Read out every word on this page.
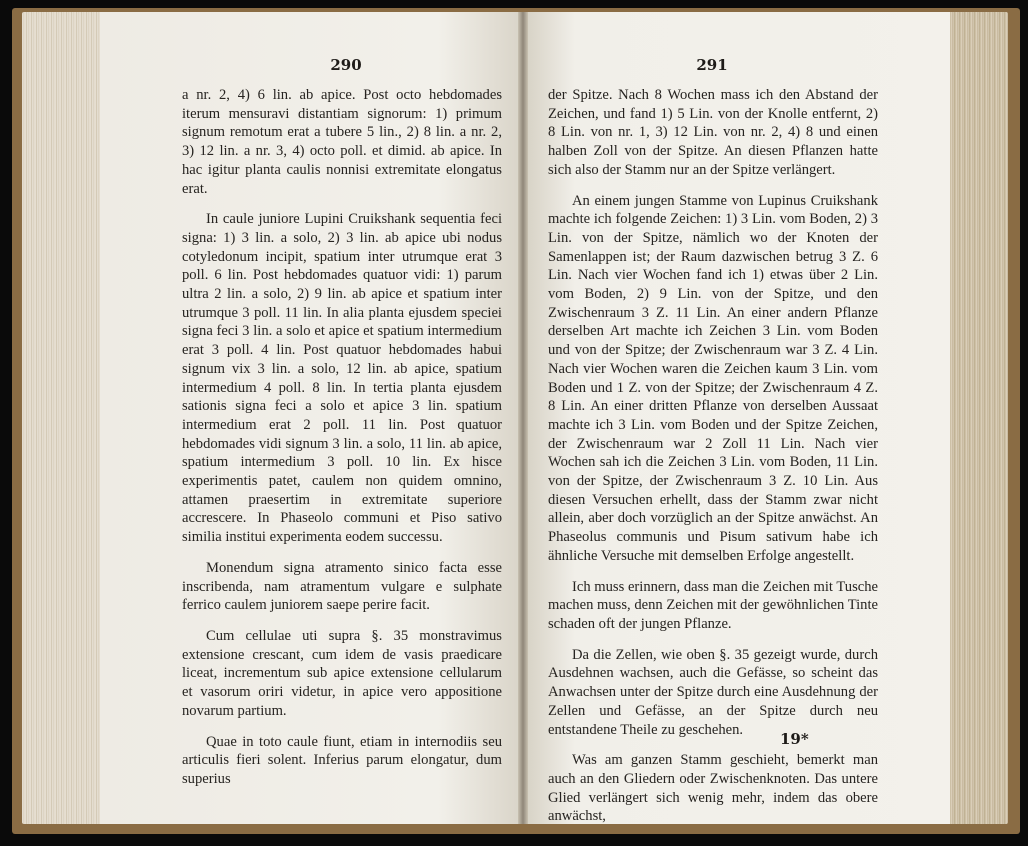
290	291

a nr. 2, 4) 6 lin. ab apice. Post octo hebdomades iterum mensuravi distantiam signorum: 1) primum signum remotum erat a tubere 5 lin., 2) 8 lin. a nr. 2, 3) 12 lin. a nr. 3, 4) octo poll. et dimid. ab apice. In hac igitur planta caulis nonnisi extremitate elongatus erat.

In caule juniore Lupini Cruikshank sequentia feci signa: 1) 3 lin. a solo, 2) 3 lin. ab apice ubi nodus cotyledonum incipit, spatium inter utrumque erat 3 poll. 6 lin. Post hebdomades quatuor vidi: 1) parum ultra 2 lin. a solo, 2) 9 lin. ab apice et spatium inter utrumque 3 poll. 11 lin. In alia planta ejusdem speciei signa feci 3 lin. a solo et apice et spatium intermedium erat 3 poll. 4 lin. Post quatuor hebdomades habui signum vix 3 lin. a solo, 12 lin. ab apice, spatium intermedium 4 poll. 8 lin. In tertia planta ejusdem sationis signa feci a solo et apice 3 lin. spatium intermedium erat 2 poll. 11 lin. Post quatuor hebdomades vidi signum 3 lin. a solo, 11 lin. ab apice, spatium intermedium 3 poll. 10 lin. Ex hisce experimentis patet, caulem non quidem omnino, attamen praesertim in extremitate superiore accrescere. In Phaseolo communi et Piso sativo similia institui experimenta eodem successu.

Monendum signa atramento sinico facta esse inscribenda, nam atramentum vulgare e sulphate ferrico caulem juniorem saepe perire facit.

Cum cellulae uti supra §. 35 monstravimus extensione crescant, cum idem de vasis praedicare liceat, incrementum sub apice extensione cellularum et vasorum oriri videtur, in apice vero appositione novarum partium.

Quae in toto caule fiunt, etiam in internodiis seu articulis fieri solent. Inferius parum elongatur, dum superius

der Spitze. Nach 8 Wochen mass ich den Abstand der Zeichen, und fand 1) 5 Lin. von der Knolle entfernt, 2) 8 Lin. von nr. 1, 3) 12 Lin. von nr. 2, 4) 8 und einen halben Zoll von der Spitze. An diesen Pflanzen hatte sich also der Stamm nur an der Spitze verlängert.

An einem jungen Stamme von Lupinus Cruikshank machte ich folgende Zeichen: 1) 3 Lin. vom Boden, 2) 3 Lin. von der Spitze, nämlich wo der Knoten der Samenlappen ist; der Raum dazwischen betrug 3 Z. 6 Lin. Nach vier Wochen fand ich 1) etwas über 2 Lin. vom Boden, 2) 9 Lin. von der Spitze, und den Zwischenraum 3 Z. 11 Lin. An einer andern Pflanze derselben Art machte ich Zeichen 3 Lin. vom Boden und von der Spitze; der Zwischenraum war 3 Z. 4 Lin. Nach vier Wochen waren die Zeichen kaum 3 Lin. vom Boden und 1 Z. von der Spitze; der Zwischenraum 4 Z. 8 Lin. An einer dritten Pflanze von derselben Aussaat machte ich 3 Lin. vom Boden und der Spitze Zeichen, der Zwischenraum war 2 Zoll 11 Lin. Nach vier Wochen sah ich die Zeichen 3 Lin. vom Boden, 11 Lin. von der Spitze, der Zwischenraum 3 Z. 10 Lin. Aus diesen Versuchen erhellt, dass der Stamm zwar nicht allein, aber doch vorzüglich an der Spitze anwächst. An Phaseolus communis und Pisum sativum habe ich ähnliche Versuche mit demselben Erfolge angestellt.

Ich muss erinnern, dass man die Zeichen mit Tusche machen muss, denn Zeichen mit der gewöhnlichen Tinte schaden oft der jungen Pflanze.

Da die Zellen, wie oben §. 35 gezeigt wurde, durch Ausdehnen wachsen, auch die Gefässe, so scheint das Anwachsen unter der Spitze durch eine Ausdehnung der Zellen und Gefässe, an der Spitze durch neu entstandene Theile zu geschehen.

Was am ganzen Stamm geschieht, bemerkt man auch an den Gliedern oder Zwischenknoten. Das untere Glied verlängert sich wenig mehr, indem das obere anwächst,

19*
